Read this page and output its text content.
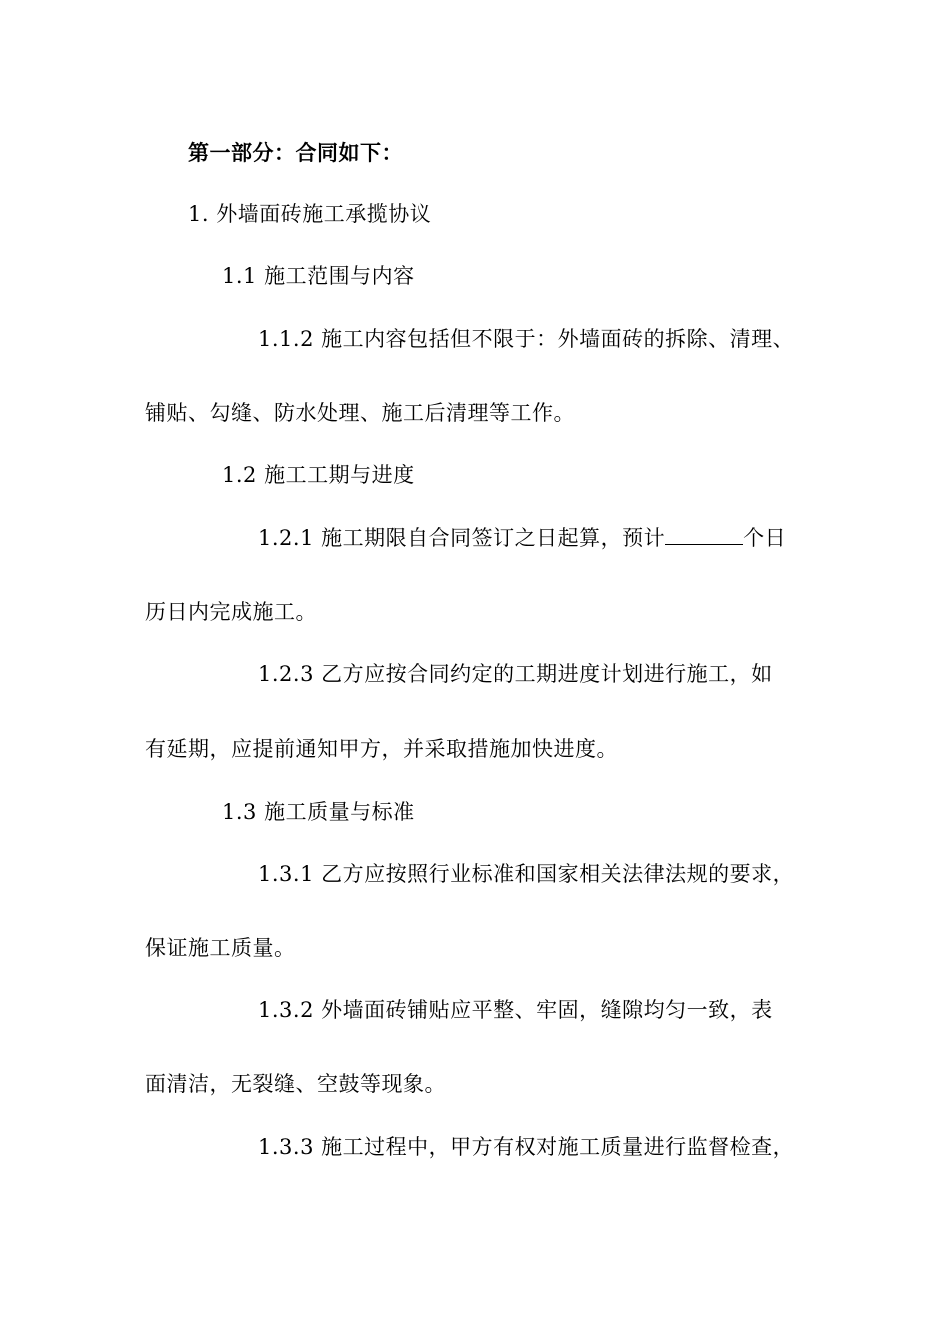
第一部分：合同如下：
1. 外墙面砖施工承揽协议
1.1 施工范围与内容
1.1.2 施工内容包括但不限于：外墙面砖的拆除、清理、
铺贴、勾缝、防水处理、施工后清理等工作。
1.2 施工工期与进度
1.2.1 施工期限自合同签订之日起算，预计	个日
历日内完成施工。
1.2.3 乙方应按合同约定的工期进度计划进行施工，如
有延期，应提前通知甲方，并采取措施加快进度。
1.3 施工质量与标准
1.3.1 乙方应按照行业标准和国家相关法律法规的要求，
保证施工质量。
1.3.2 外墙面砖铺贴应平整、牢固，缝隙均匀一致，表
面清洁，无裂缝、空鼓等现象。
1.3.3 施工过程中，甲方有权对施工质量进行监督检查，
